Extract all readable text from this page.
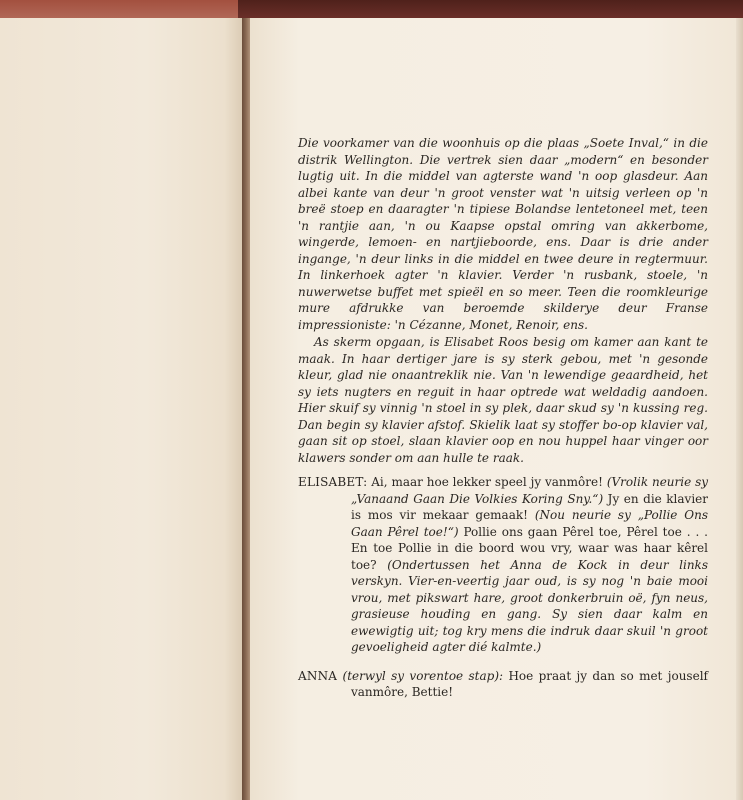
Die voorkamer van die woonhuis op die plaas „Soete Inval,“ in die distrik Wellington. Die vertrek sien daar „modern“ en besonder lugtig uit. In die middel van agterste wand 'n oop glasdeur. Aan albei kante van deur 'n groot venster wat 'n uitsig verleen op 'n breë stoep en daaragter 'n tipiese Bolandse lentetoneel met, teen 'n rantjie aan, 'n ou Kaapse opstal omring van akkerbome, wingerde, lemoen- en nartjieboorde, ens. Daar is drie ander ingange, 'n deur links in die middel en twee deure in regtermuur. In linkerhoek agter 'n klavier. Verder 'n rusbank, stoele, 'n nuwerwetse buffet met spieël en so meer. Teen die roomkleurige mure afdrukke van beroemde skilderye deur Franse impressioniste: 'n Cézanne, Monet, Renoir, ens.

As skerm opgaan, is Elisabet Roos besig om kamer aan kant te maak. In haar dertiger jare is sy sterk gebou, met 'n gesonde kleur, glad nie onaantreklik nie. Van 'n lewendige geaardheid, het sy iets nugters en reguit in haar optrede wat weldadig aandoen. Hier skuif sy vinnig 'n stoel in sy plek, daar skud sy 'n kussing reg. Dan begin sy klavier afstof. Skielik laat sy stoffer bo-op klavier val, gaan sit op stoel, slaan klavier oop en nou huppel haar vinger oor klawers sonder om aan hulle te raak.

ELISABET: Ai, maar hoe lekker speel jy vanmôre! (Vrolik neurie sy „Vanaand Gaan Die Volkies Koring Sny.“) Jy en die klavier is mos vir mekaar gemaak! (Nou neurie sy „Pollie Ons Gaan Pêrel toe!“) Pollie ons gaan Pêrel toe, Pêrel toe . . . En toe Pollie in die boord wou vry, waar was haar kêrel toe? (Ondertussen het Anna de Kock in deur links verskyn. Vier-en-veertig jaar oud, is sy nog 'n baie mooi vrou, met pikswart hare, groot donkerbruin oë, fyn neus, grasieuse houding en gang. Sy sien daar kalm en ewewigtig uit; tog kry mens die indruk daar skuil 'n groot gevoeligheid agter dié kalmte.)

ANNA (terwyl sy vorentoe stap): Hoe praat jy dan so met jouself vanmôre, Bettie!
